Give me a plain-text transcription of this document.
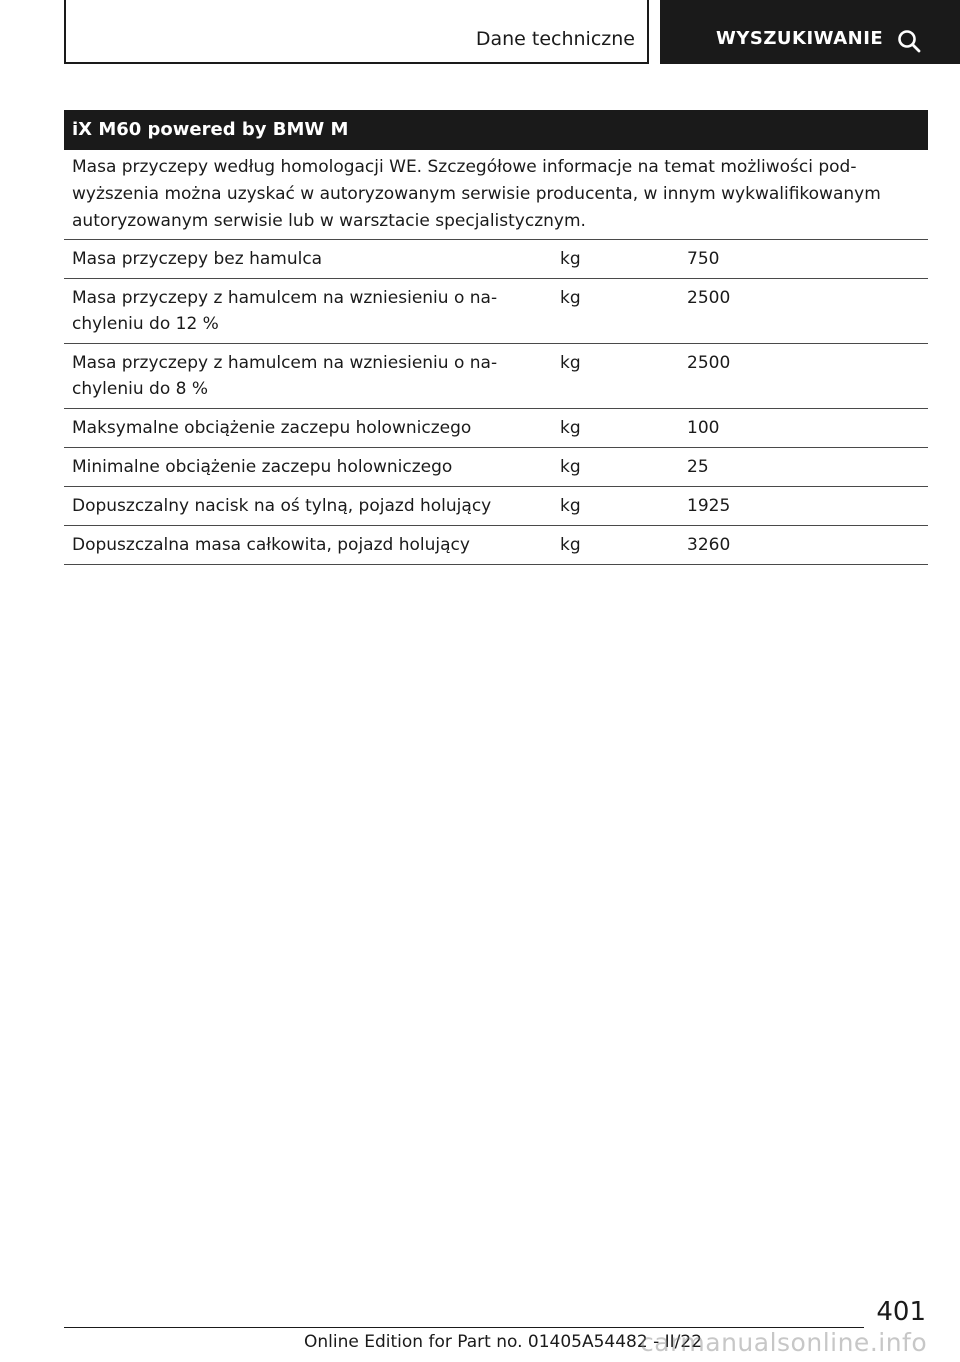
Dane techniczne	WYSZUKIWANIE
iX M60 powered by BMW M

Masa przyczepy według homologacji WE. Szczegółowe informacje na temat możliwości podwyższenia można uzyskać w autoryzowanym serwisie producenta, w innym wykwalifikowanym autoryzowanym serwisie lub w warsztacie specjalistycznym.

Masa przyczepy bez hamulca	kg	750
Masa przyczepy z hamulcem na wzniesieniu o nachyleniu do 12 %	kg	2500
Masa przyczepy z hamulcem na wzniesieniu o nachyleniu do 8 %	kg	2500
Maksymalne obciążenie zaczepu holowniczego	kg	100
Minimalne obciążenie zaczepu holowniczego	kg	25
Dopuszczalny nacisk na oś tylną, pojazd holujący	kg	1925
Dopuszczalna masa całkowita, pojazd holujący	kg	3260
401
Online Edition for Part no. 01405A54482 - II/22
carmanualsonline.info
